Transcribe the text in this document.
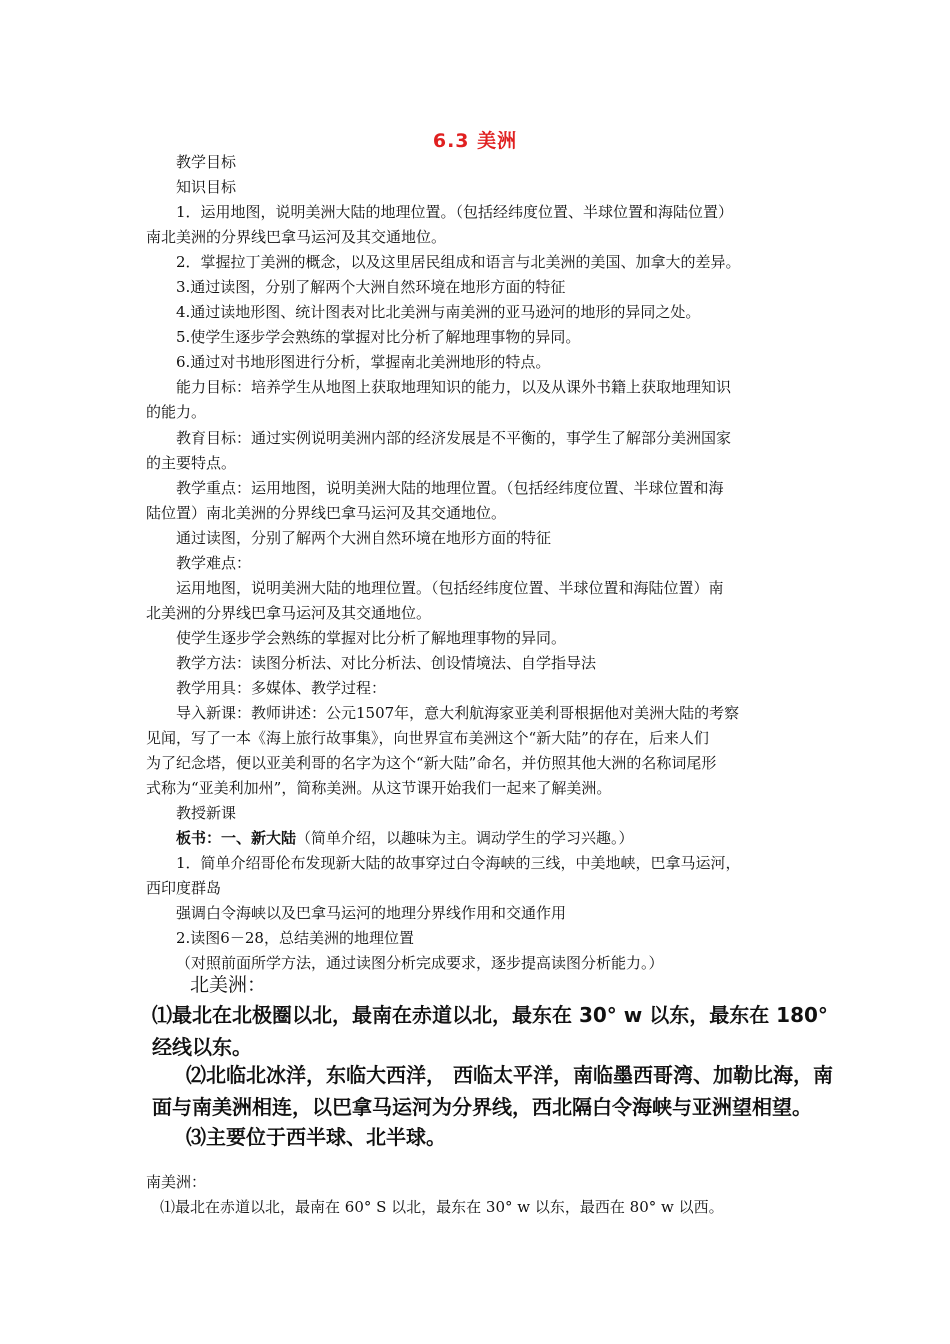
6.3 美洲
教学目标
知识目标
1．运用地图，说明美洲大陆的地理位置。（包括经纬度位置、半球位置和海陆位置）
南北美洲的分界线巴拿马运河及其交通地位。
2．掌握拉丁美洲的概念，以及这里居民组成和语言与北美洲的美国、加拿大的差异。
3.通过读图，分别了解两个大洲自然环境在地形方面的特征
4.通过读地形图、统计图表对比北美洲与南美洲的亚马逊河的地形的异同之处。
5.使学生逐步学会熟练的掌握对比分析了解地理事物的异同。
6.通过对书地形图进行分析，掌握南北美洲地形的特点。
能力目标：培养学生从地图上获取地理知识的能力，以及从课外书籍上获取地理知识
的能力。
教育目标：通过实例说明美洲内部的经济发展是不平衡的，事学生了解部分美洲国家
的主要特点。
教学重点：运用地图，说明美洲大陆的地理位置。（包括经纬度位置、半球位置和海
陆位置）南北美洲的分界线巴拿马运河及其交通地位。
通过读图，分别了解两个大洲自然环境在地形方面的特征
教学难点：
运用地图，说明美洲大陆的地理位置。（包括经纬度位置、半球位置和海陆位置）南
北美洲的分界线巴拿马运河及其交通地位。
使学生逐步学会熟练的掌握对比分析了解地理事物的异同。
教学方法：读图分析法、对比分析法、创设情境法、自学指导法
教学用具：多媒体、教学过程：
导入新课：教师讲述：公元1507年，意大利航海家亚美利哥根据他对美洲大陆的考察
见闻，写了一本《海上旅行故事集》，向世界宣布美洲这个“新大陆”的存在，后来人们
为了纪念塔，便以亚美利哥的名字为这个“新大陆”命名，并仿照其他大洲的名称词尾形
式称为“亚美利加州”，简称美洲。从这节课开始我们一起来了解美洲。
教授新课
板书：一、新大陆（简单介绍，以趣味为主。调动学生的学习兴趣。）
1．简单介绍哥伦布发现新大陆的故事穿过白令海峡的三线，中美地峡，巴拿马运河，
西印度群岛
强调白令海峡以及巴拿马运河的地理分界线作用和交通作用
2.读图6－28，总结美洲的地理位置
（对照前面所学方法，通过读图分析完成要求，逐步提高读图分析能力。）
北美洲：
⑴最北在北极圈以北，最南在赤道以北，最东在 30° w 以东，最东在 180°
经线以东。
⑵北临北冰洋，东临大西洋， 西临太平洋，南临墨西哥湾、加勒比海，南
面与南美洲相连，以巴拿马运河为分界线，西北隔白令海峡与亚洲望相望。
⑶主要位于西半球、北半球。
南美洲：
⑴最北在赤道以北，最南在 60° S 以北，最东在 30° w 以东，最西在 80° w 以西。
